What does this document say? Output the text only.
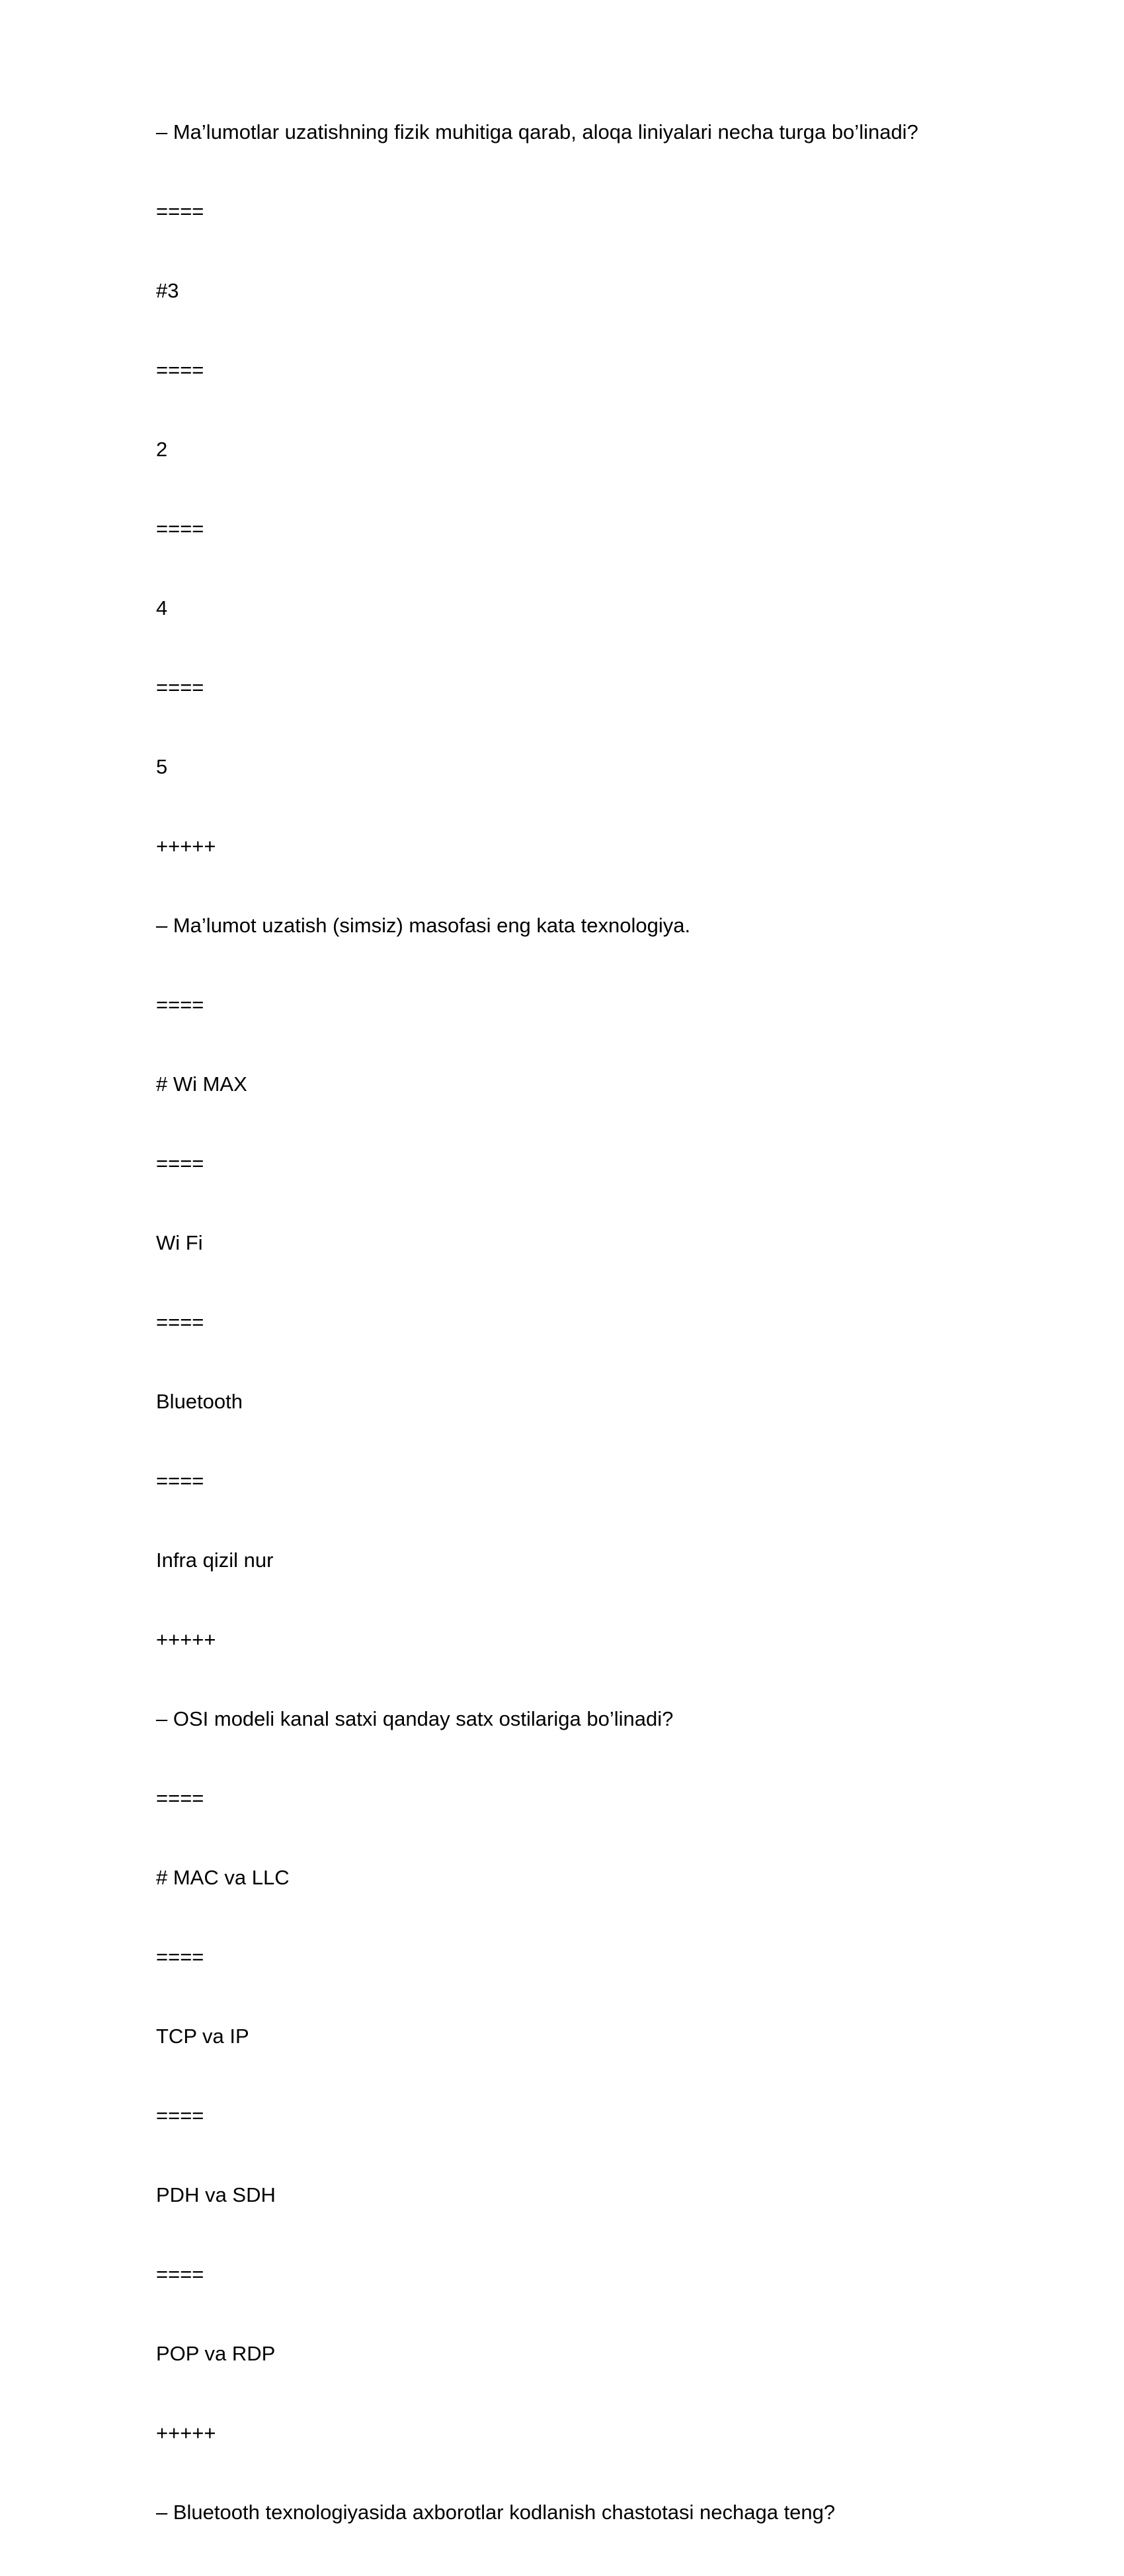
– Ma’lumotlar uzatishning fizik muhitiga qarab, aloqa liniyalari necha turga bo’linadi?
====
#3
====
2
====
4
====
5
+++++
– Ma’lumot uzatish (simsiz) masofasi eng kata texnologiya.
====
# Wi MAX
====
Wi Fi
====
Bluetooth
====
Infra qizil nur
+++++
– OSI modeli kanal satxi qanday satx ostilariga bo’linadi?
====
# MAC va LLC
====
TCP va IP
====
PDH va SDH
====
POP va RDP
+++++
– Bluetooth texnologiyasida axborotlar kodlanish chastotasi nechaga teng?
